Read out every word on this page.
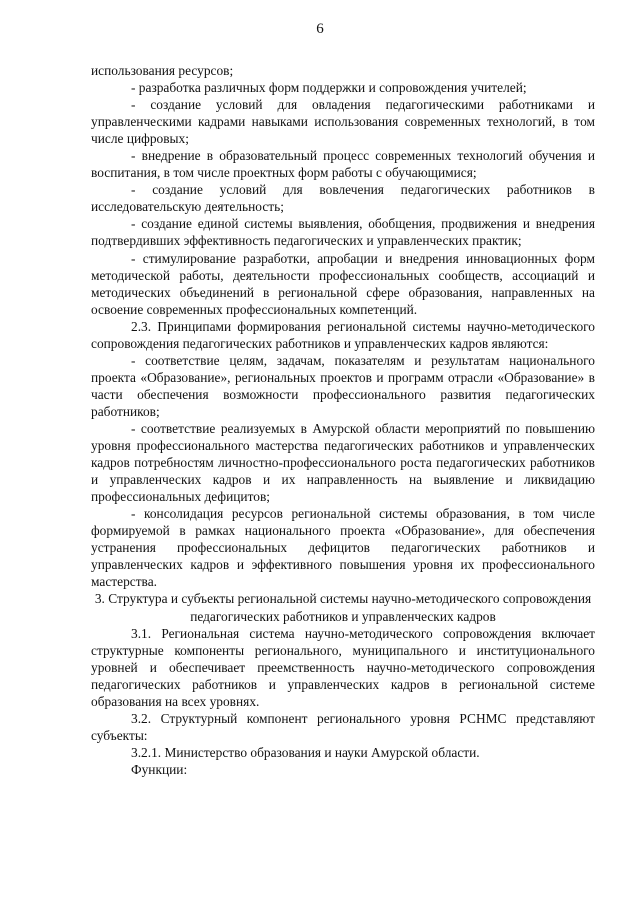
6

использования ресурсов;

- разработка различных форм поддержки и сопровождения учителей;

- создание условий для овладения педагогическими работниками и управленческими кадрами навыками использования современных технологий, в том числе цифровых;

- внедрение в образовательный процесс современных технологий обучения и воспитания, в том числе проектных форм работы с обучающимися;

- создание условий для вовлечения педагогических работников в исследовательскую деятельность;

- создание единой системы выявления, обобщения, продвижения и внедрения подтвердивших эффективность педагогических и управленческих практик;

- стимулирование разработки, апробации и внедрения инновационных форм методической работы, деятельности профессиональных сообществ, ассоциаций и методических объединений в региональной сфере образования, направленных на освоение современных профессиональных компетенций.

2.3. Принципами формирования региональной системы научно-методического сопровождения педагогических работников и управленческих кадров являются:

- соответствие целям, задачам, показателям и результатам национального проекта «Образование», региональных проектов и программ отрасли «Образование» в части обеспечения возможности профессионального развития педагогических работников;

- соответствие реализуемых в Амурской области мероприятий по повышению уровня профессионального мастерства педагогических работников и управленческих кадров потребностям личностно-профессионального роста педагогических работников и управленческих кадров и их направленность на выявление и ликвидацию профессиональных дефицитов;

- консолидация ресурсов региональной системы образования, в том числе формируемой в рамках национального проекта «Образование», для обеспечения устранения профессиональных дефицитов педагогических работников и управленческих кадров и эффективного повышения уровня их профессионального мастерства.

3. Структура и субъекты региональной системы научно-методического сопровождения педагогических работников и управленческих кадров

3.1. Региональная система научно-методического сопровождения включает структурные компоненты регионального, муниципального и институционального уровней и обеспечивает преемственность научно-методического сопровождения педагогических работников и управленческих кадров в региональной системе образования на всех уровнях.

3.2. Структурный компонент регионального уровня РСНМС представляют субъекты:

3.2.1. Министерство образования и науки Амурской области.

Функции:
